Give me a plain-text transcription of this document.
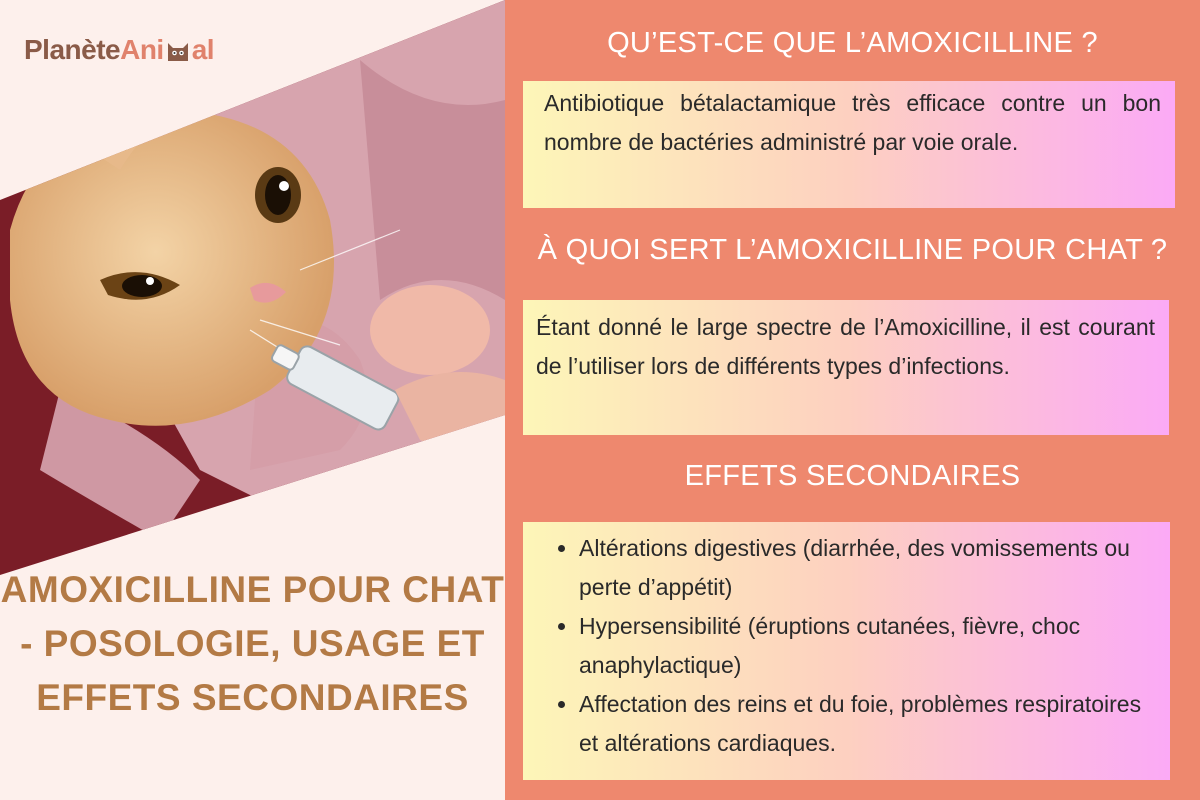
PlanèteAni al
AMOXICILLINE POUR CHAT - POSOLOGIE, USAGE ET EFFETS SECONDAIRES
QU’EST-CE QUE L’AMOXICILLINE ?

Antibiotique bétalactamique très efficace contre un bon nombre de bactéries administré par voie orale.

À QUOI SERT L’AMOXICILLINE POUR CHAT ?

Étant donné le large spectre de l’Amoxicilline, il est courant de l’utiliser lors de différents types d’infections.

EFFETS SECONDAIRES
• Altérations digestives (diarrhée, des vomissements ou perte d’appétit)
• Hypersensibilité (éruptions cutanées, fièvre, choc anaphylactique)
• Affectation des reins et du foie, problèmes respiratoires et altérations cardiaques.
